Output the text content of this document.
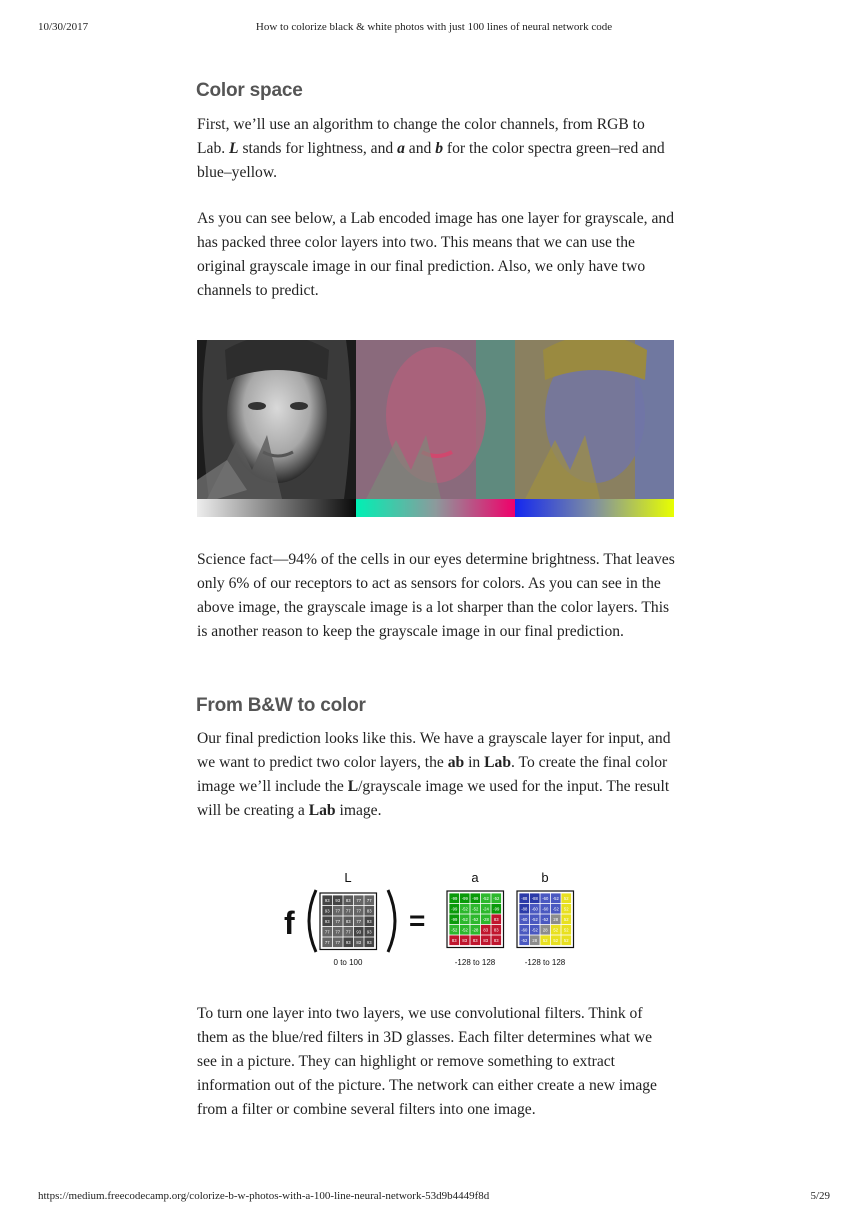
10/30/2017	How to colorize black & white photos with just 100 lines of neural network code
Color space

First, we’ll use an algorithm to change the color channels, from RGB to Lab. L stands for lightness, and a and b for the color spectra green–red and blue–yellow.

As you can see below, a Lab encoded image has one layer for grayscale, and has packed three color layers into two. This means that we can use the original grayscale image in our final prediction. Also, we only have two channels to predict.

Science fact—94% of the cells in our eyes determine brightness. That leaves only 6% of our receptors to act as sensors for colors. As you can see in the above image, the grayscale image is a lot sharper than the color layers. This is another reason to keep the grayscale image in our final prediction.

From B&W to color

Our final prediction looks like this. We have a grayscale layer for input, and we want to predict two color layers, the ab in Lab. To create the final color image we’ll include the L/grayscale image we used for the input. The result will be creating a Lab image.

f	=
L	a	b
93 93 83 77 77
93 77 77 77 83
93 77 83 77 93
77 77 77 93 93
77 77 93 83 93
-99 -99 -99 -52 -52
-99 -52 -52 -24 -99
-99 -52 -52 -28 83
-52 -52 -28 83 83
83 83 83 83 83
-88 -88 -60 -52 52
-88 -60 -60 -52 52
-60 -52 -52 28 52
-60 -52 28 52 52
-52 28 52 52 52
0 to 100	-128 to 128	-128 to 128

To turn one layer into two layers, we use convolutional filters. Think of them as the blue/red filters in 3D glasses. Each filter determines what we see in a picture. They can highlight or remove something to extract information out of the picture. The network can either create a new image from a filter or combine several filters into one image.

https://medium.freecodecamp.org/colorize-b-w-photos-with-a-100-line-neural-network-53d9b4449f8d	5/29
